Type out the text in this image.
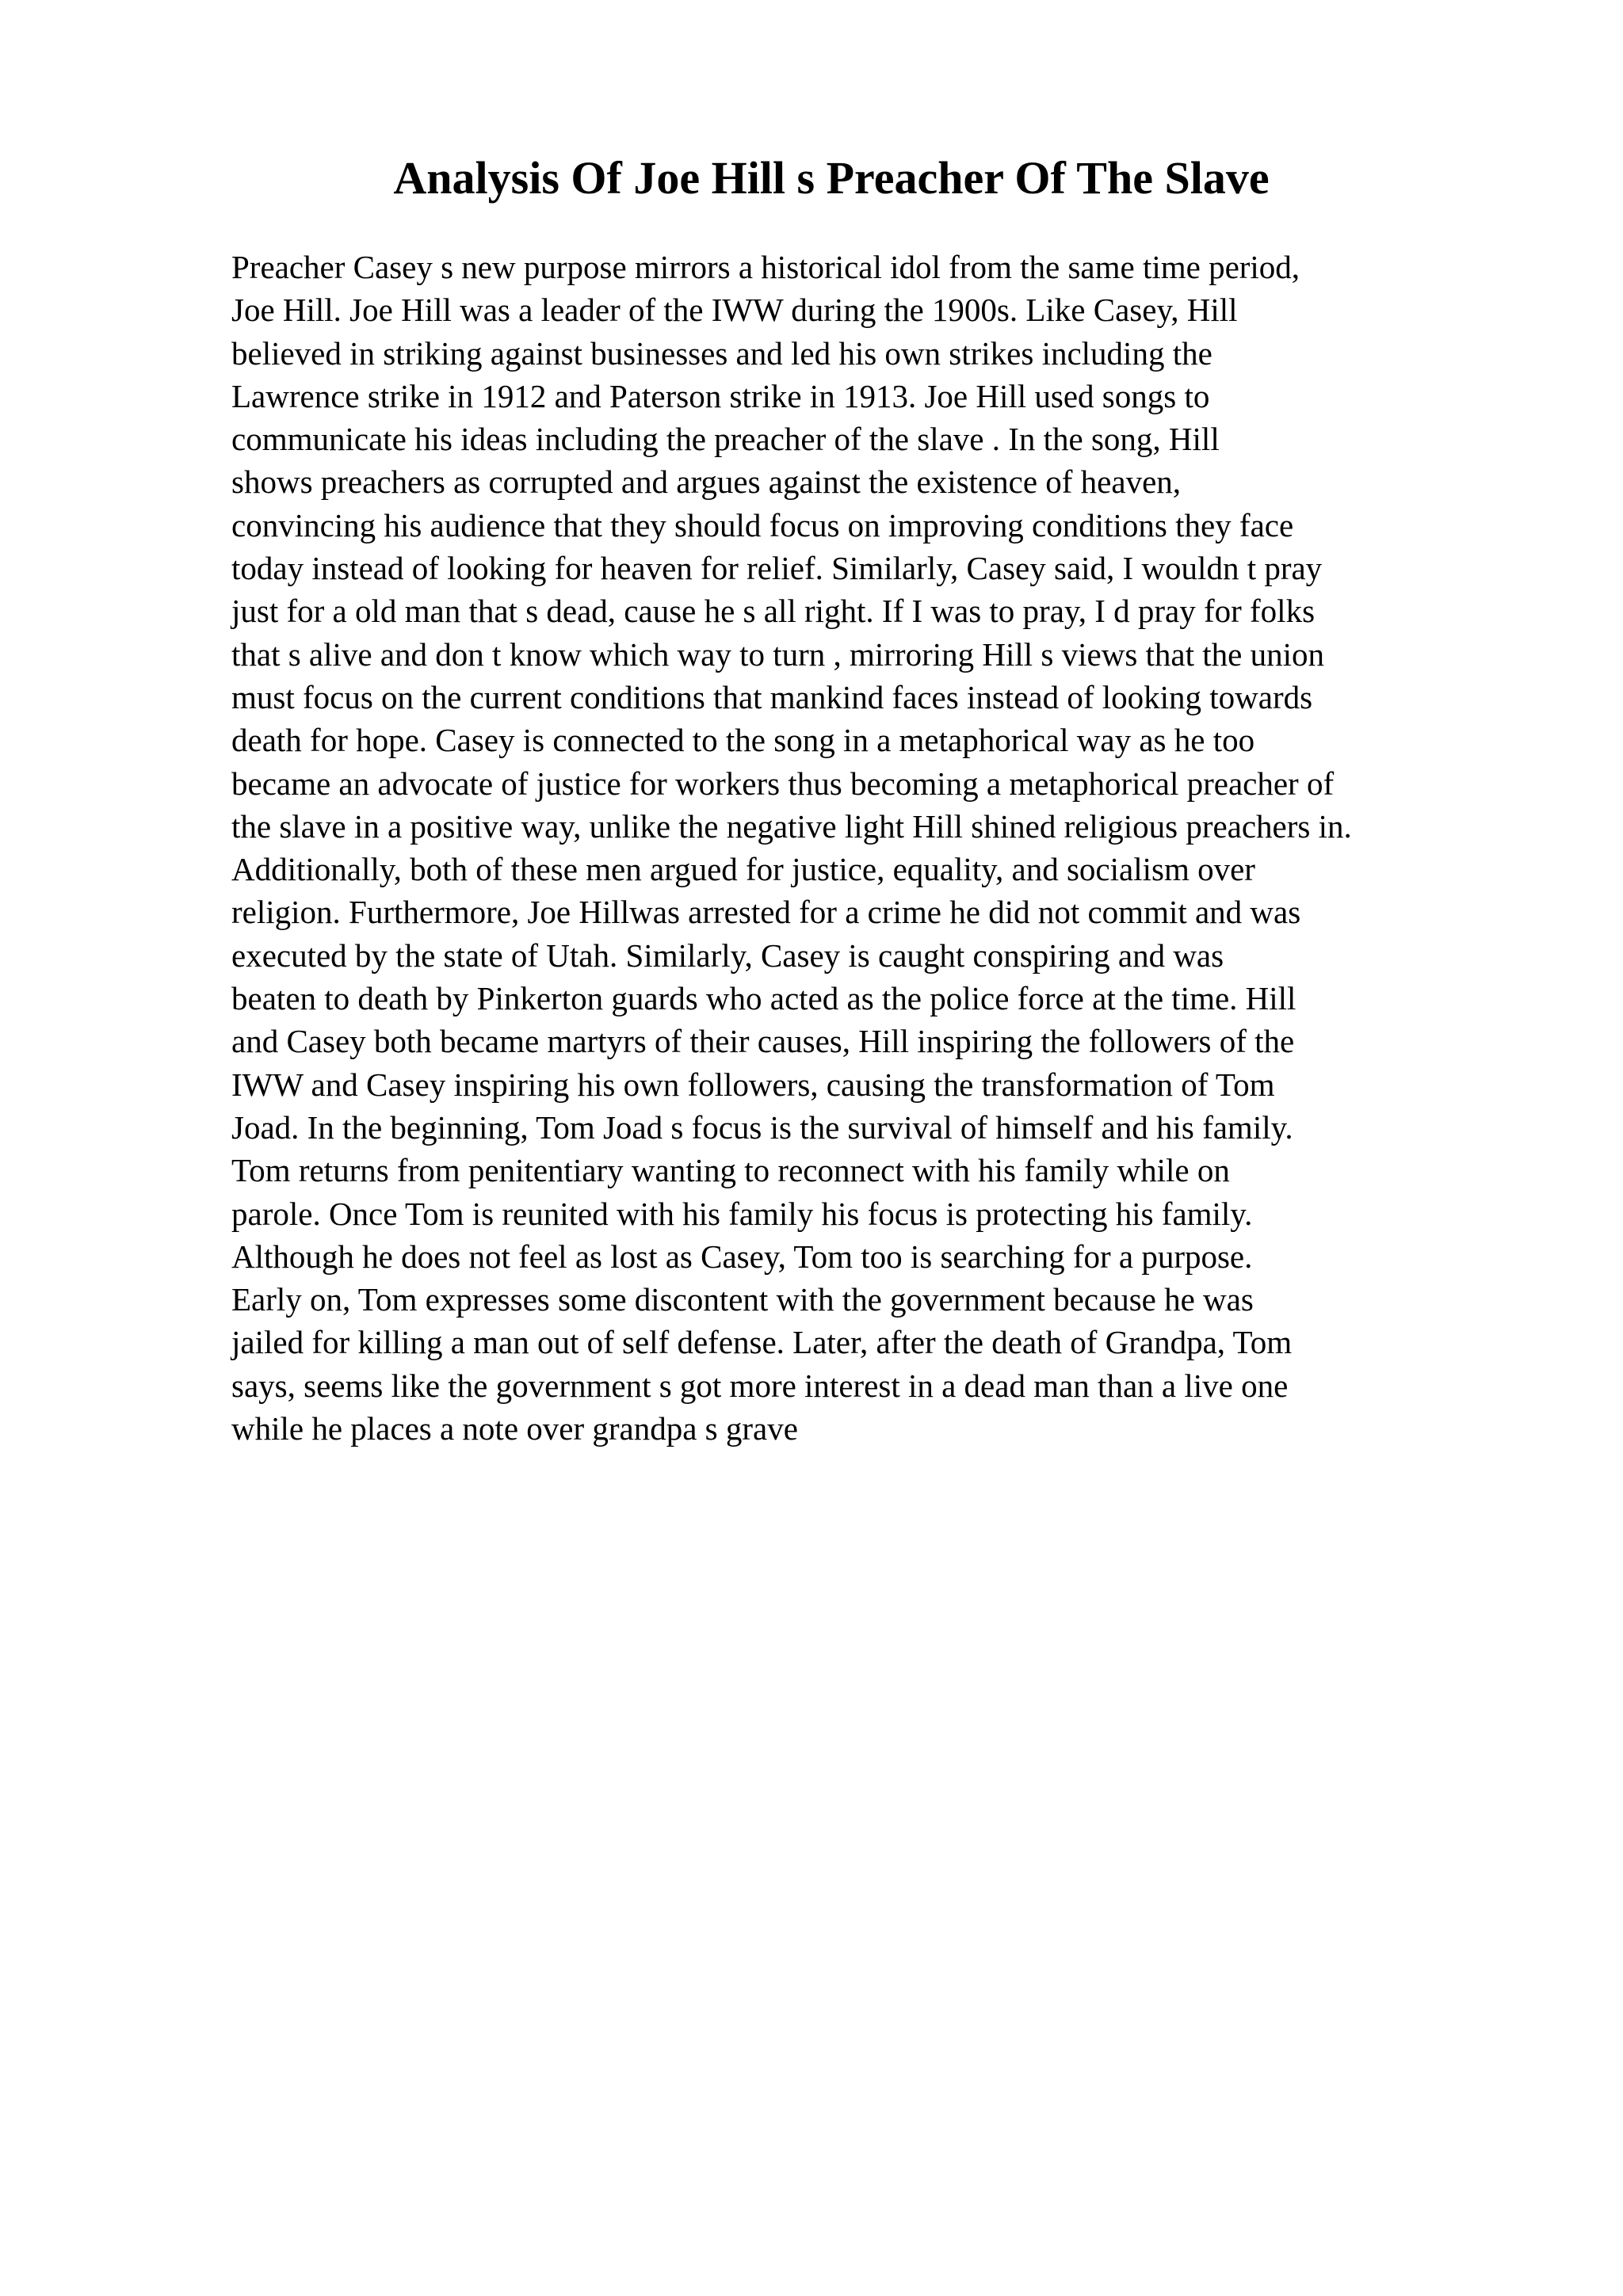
Analysis Of Joe Hill s Preacher Of The Slave
Preacher Casey s new purpose mirrors a historical idol from the same time period,
Joe Hill. Joe Hill was a leader of the IWW during the 1900s. Like Casey, Hill
believed in striking against businesses and led his own strikes including the
Lawrence strike in 1912 and Paterson strike in 1913. Joe Hill used songs to
communicate his ideas including the preacher of the slave . In the song, Hill
shows preachers as corrupted and argues against the existence of heaven,
convincing his audience that they should focus on improving conditions they face
today instead of looking for heaven for relief. Similarly, Casey said, I wouldn t pray
just for a old man that s dead, cause he s all right. If I was to pray, I d pray for folks
that s alive and don t know which way to turn , mirroring Hill s views that the union
must focus on the current conditions that mankind faces instead of looking towards
death for hope. Casey is connected to the song in a metaphorical way as he too
became an advocate of justice for workers thus becoming a metaphorical preacher of
the slave in a positive way, unlike the negative light Hill shined religious preachers in.
Additionally, both of these men argued for justice, equality, and socialism over
religion. Furthermore, Joe Hillwas arrested for a crime he did not commit and was
executed by the state of Utah. Similarly, Casey is caught conspiring and was
beaten to death by Pinkerton guards who acted as the police force at the time. Hill
and Casey both became martyrs of their causes, Hill inspiring the followers of the
IWW and Casey inspiring his own followers, causing the transformation of Tom
Joad. In the beginning, Tom Joad s focus is the survival of himself and his family.
Tom returns from penitentiary wanting to reconnect with his family while on
parole. Once Tom is reunited with his family his focus is protecting his family.
Although he does not feel as lost as Casey, Tom too is searching for a purpose.
Early on, Tom expresses some discontent with the government because he was
jailed for killing a man out of self defense. Later, after the death of Grandpa, Tom
says, seems like the government s got more interest in a dead man than a live one
while he places a note over grandpa s grave
